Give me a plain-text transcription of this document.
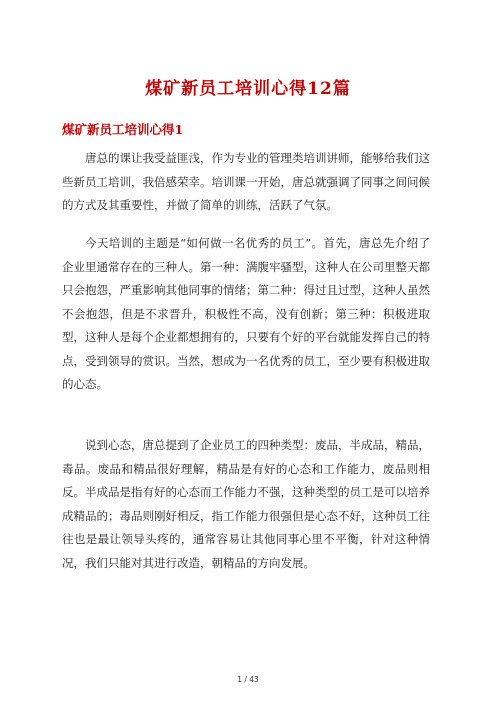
煤矿新员工培训心得12篇
煤矿新员工培训心得1

唐总的课让我受益匪浅，作为专业的管理类培训讲师，能够给我们这些新员工培训，我倍感荣幸。培训课一开始，唐总就强调了同事之间问候的方式及其重要性，并做了简单的训练，活跃了气氛。

今天培训的主题是“如何做一名优秀的员工”。首先，唐总先介绍了企业里通常存在的三种人。第一种：满腹牢骚型，这种人在公司里整天都只会抱怨，严重影响其他同事的情绪；第二种：得过且过型，这种人虽然不会抱怨，但是不求晋升，积极性不高，没有创新；第三种：积极进取型，这种人是每个企业都想拥有的，只要有个好的平台就能发挥自己的特点，受到领导的赏识。当然，想成为一名优秀的员工，至少要有积极进取的心态。

说到心态，唐总提到了企业员工的四种类型：废品，半成品，精品，毒品。废品和精品很好理解，精品是有好的心态和工作能力，废品则相反。半成品是指有好的心态而工作能力不强，这种类型的员工是可以培养成精品的；毒品则刚好相反，指工作能力很强但是心态不好，这种员工往往也是最让领导头疼的，通常容易让其他同事心里不平衡，针对这种情况，我们只能对其进行改造，朝精品的方向发展。

1 / 43
